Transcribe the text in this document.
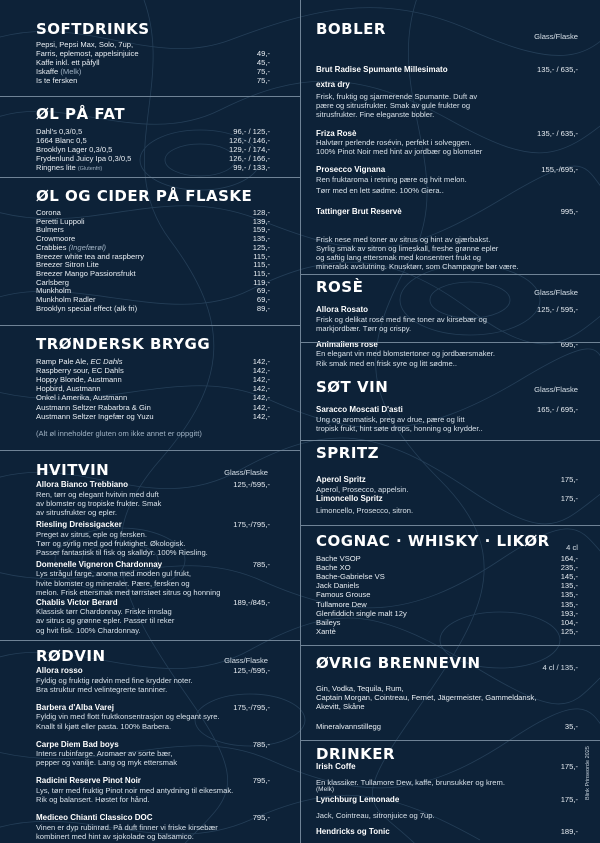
SOFTDRINKS
Pepsi, Pepsi Max, Solo, 7up,
Farris, eplemost, appelsinjuice	49,-
Kaffe inkl. ett påfyll	45,-
Iskaffe (Melk)	75,-
Is te fersken	75,-
ØL PÅ FAT
Dahl's 0,3/0,5	96,- / 125,-
1664 Blanc 0,5	126,- / 146,-
Brooklyn Lager 0,3/0,5	129,- / 174,-
Frydenlund Juicy Ipa 0,3/0,5	126,- / 166,-
Ringnes lite (Glutenfri)	99,- / 133,-
ØL OG CIDER PÅ FLASKE
Corona	128,-
Peretti Luppoli	139,-
Bulmers	159,-
Crowmoore	135,-
Crabbies (Ingefærøl)	125,-
Breezer white tea and raspberry	115,-
Breezer Sitron Lite	115,-
Breezer Mango Passionsfrukt	115,-
Carlsberg	119,-
Munkholm	69,-
Munkholm Radler	69,-
Brooklyn special effect (alk fri)	89,-
TRØNDERSK BRYGG
Ramp Pale Ale, EC Dahls	142,-
Raspberry sour, EC Dahls	142,-
Hoppy Blonde, Austmann	142,-
Hopbird, Austmann	142,-
Onkel i Amerika, Austmann	142,-
Austmann Seltzer Rabarbra & Gin	142,-
Austmann Seltzer Ingefær og Yuzu	142,-
(Alt øl inneholder gluten om ikke annet er oppgitt)
Glass/Flaske
HVITVIN
Allora Bianco Trebbiano	125,-/595,-
Ren, tørr og elegant hvitvin med duft
av blomster og tropiske frukter. Smak
av sitrusfrukter og epler.
Riesling Dreissigacker	175,-/795,-
Preget av sitrus, eple og fersken.
Tørr og syrlig med god fruktighet. Økologisk.
Passer fantastisk til fisk og skalldyr. 100% Riesling.
Domenelle Vigneron Chardonnay	785,-
Lys strågul farge, aroma med moden gul frukt,
hvite blomster og mineraler. Pære, fersken og
melon. Frisk ettersmak med tørrstøet sitrus og honning
Chablis Victor Berard	189,-/845,-
Klassisk tørr Chardonnay. Friske innslag
av sitrus og grønne epler. Passer til reker
og hvit fisk. 100% Chardonnay.
Glass/Flaske
RØDVIN
Allora rosso	125,-/595,-
Fyldig og fruktig rødvin med fine krydder noter.
Bra struktur med velintegrerte tanniner.
Barbera d'Alba Varej	175,-/795,-
Fyldig vin med flott fruktkonsentrasjon og elegant syre.
Knallt til kjøtt eller pasta. 100% Barbera.
Carpe Diem Bad boys	785,-
Intens rubinfarge. Aromaer av sorte bær,
pepper og vanilje. Lang og myk ettersmak
Radicini Reserve Pinot Noir	795,-
Lys, tørr med fruktig Pinot noir med antydning til eikesmak.
Rik og balansert. Høstet for hånd.
Mediceo Chianti Classico DOC	795,-
Vinen er dyp rubinrød. På duft finner vi friske kirsebær
kombinert med hint av sjokolade og balsamico.
Glass/Flaske
BOBLER
Brut Radise Spumante Millesimato	135,- / 635,-
extra dry
Frisk, fruktig og sjarmerende Spumante. Duft av
pære og sitrusfrukter. Smak av gule frukter og
sitrusfrukter. Fine eleganste bobler.
Friza Rosè	135,- / 635,-
Halvtørr perlende rosévin, perfekt i solveggen.
100% Pinot Noir med hint av jordbær og blomster
Prosecco Vignana	155,-/695,-
Ren fruktaroma i retning pære og hvit melon.
Tørr med en lett sødme. 100% Giera..
Tattinger Brut Reservè	995,-
Frisk nese med toner av sitrus og hint av gjærbakst.
Syrlig smak av sitron og limeskall, freshe grønne epler
og saftig lang ettersmak med konsentrert frukt og
mineralsk avslutning. Knusktørr, som Champagne bør være.
Glass/Flaske
ROSÈ
Allora Rosato	125,- / 595,-
Frisk og delikat rosé med fine toner av kirsebær og
markjordbær. Tørr og crispy.
Animaliens rose	695,-
En elegant vin med blomstertoner og jordbærsmaker.
Rik smak med en frisk syre og litt sødme..
Glass/Flaske
SØT VIN
Saracco Moscati D'asti	165,- / 695,-
Ung og aromatisk, preg av drue, pære og litt
tropisk frukt, hint søte drops, honning og krydder..
SPRITZ
Aperol Spritz	175,-
Aperol, Prosecco, appelsin.
Limoncello Spritz	175,-
Limoncello, Prosecco, sitron.
4 cl
COGNAC · WHISKY · LIKØR
Bache VSOP	164,-
Bache XO	235,-
Bache-Gabrielse VS	145,-
Jack Daniels	135,-
Famous Grouse	135,-
Tullamore Dew	135,-
Glenfiddich single malt 12y	193,-
Baileys	104,-
Xantè	125,-
4 cl / 135,-
ØVRIG BRENNEVIN
Gin, Vodka, Tequila, Rum,
Captain Morgan, Cointreau, Fernet, Jägermeister, Gammeldansk,
Akevitt, Skåne
Mineralvannstillegg	35,-
DRINKER
Irish Coffe	175,-
En klassiker. Tullamore Dew, kaffe, brunsukker og krem.
(Melk)
Lynchburg Lemonade	175,-
Jack, Cointreau, sitronjuice og 7up.
Hendricks og Tonic	189,-
Blink Prinseorde 2025
